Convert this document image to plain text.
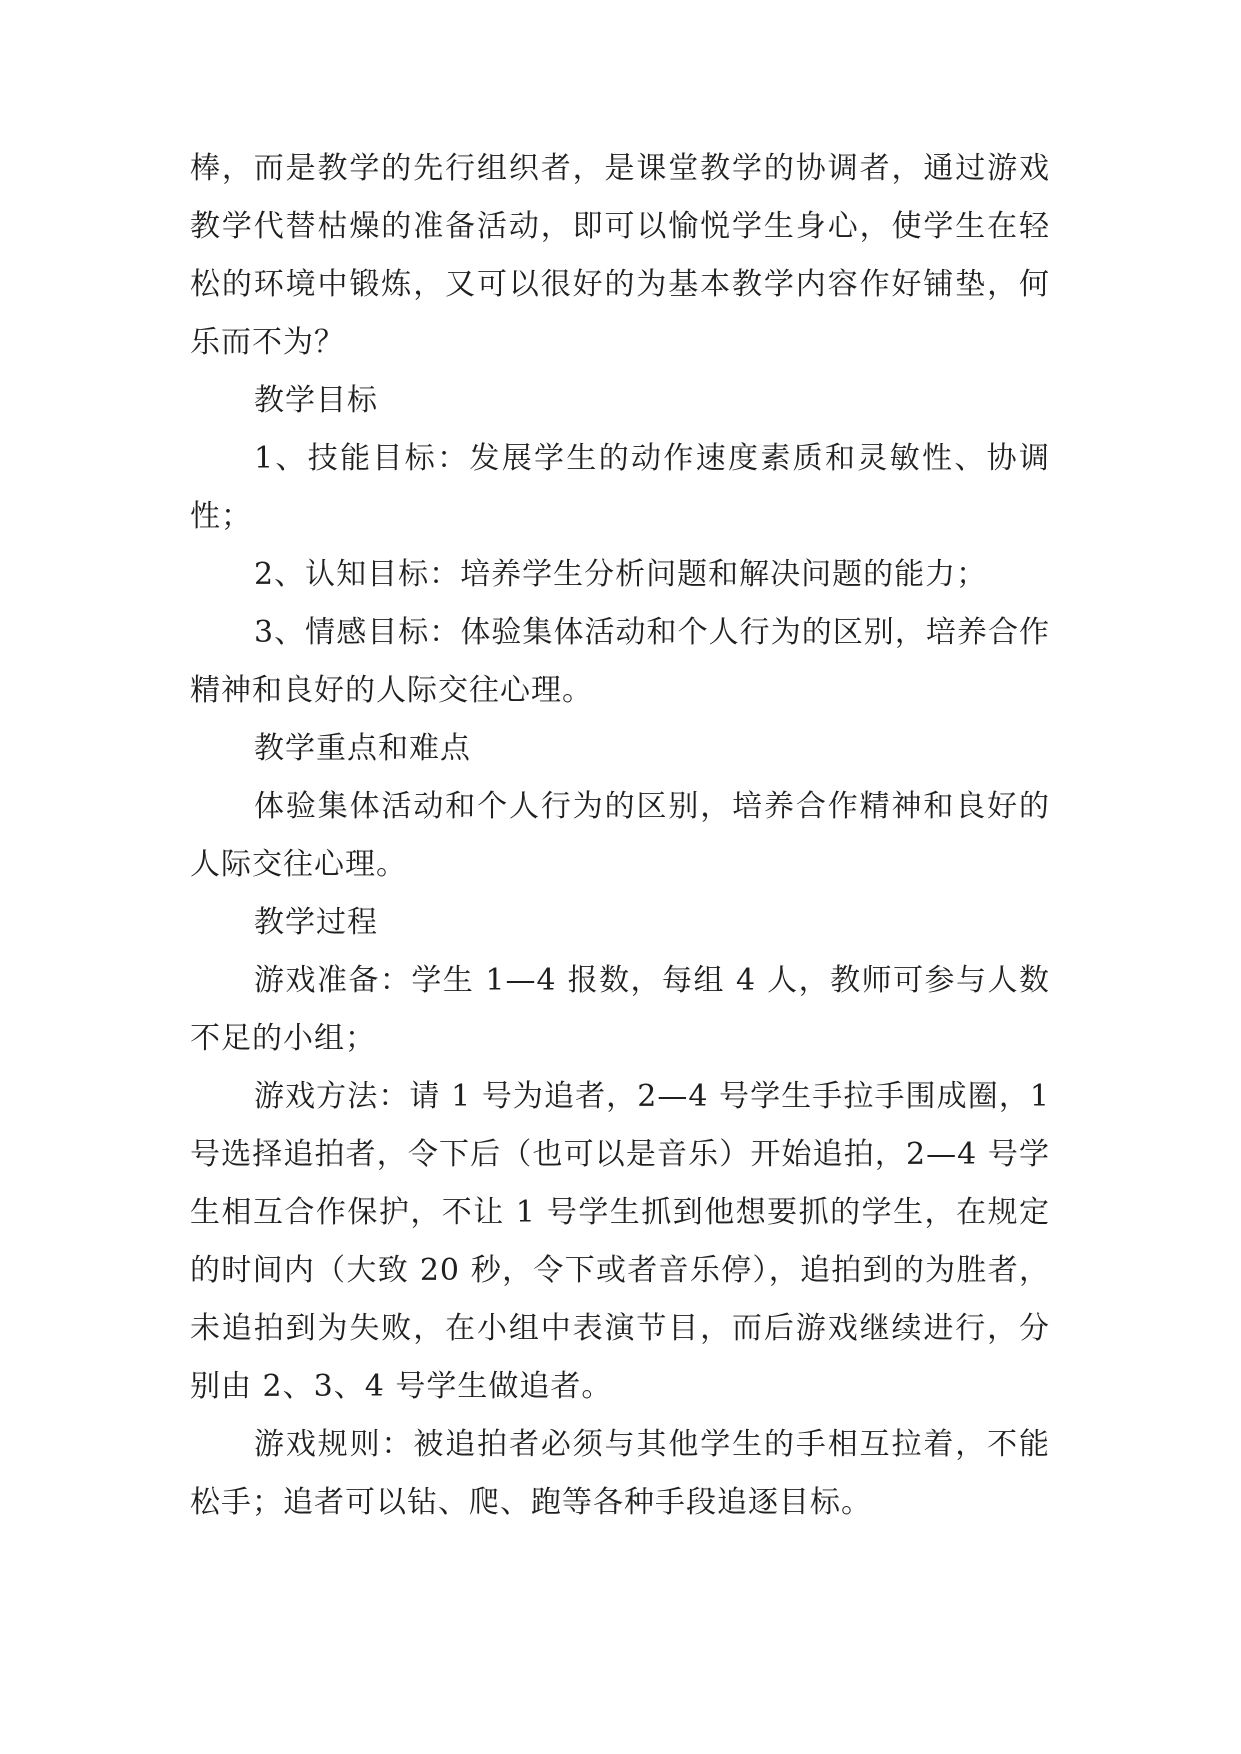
棒，而是教学的先行组织者，是课堂教学的协调者，通过游戏教学代替枯燥的准备活动，即可以愉悦学生身心，使学生在轻松的环境中锻炼，又可以很好的为基本教学内容作好铺垫，何乐而不为？

教学目标

1、技能目标：发展学生的动作速度素质和灵敏性、协调性；

2、认知目标：培养学生分析问题和解决问题的能力；

3、情感目标：体验集体活动和个人行为的区别，培养合作精神和良好的人际交往心理。

教学重点和难点

体验集体活动和个人行为的区别，培养合作精神和良好的人际交往心理。

教学过程

游戏准备：学生 1—4 报数，每组 4 人，教师可参与人数不足的小组；

游戏方法：请 1 号为追者，2—4 号学生手拉手围成圈，1 号选择追拍者，令下后（也可以是音乐）开始追拍，2—4 号学生相互合作保护，不让 1 号学生抓到他想要抓的学生，在规定的时间内（大致 20 秒，令下或者音乐停），追拍到的为胜者，未追拍到为失败，在小组中表演节目，而后游戏继续进行，分别由 2、3、4 号学生做追者。

游戏规则：被追拍者必须与其他学生的手相互拉着，不能松手；追者可以钻、爬、跑等各种手段追逐目标。
